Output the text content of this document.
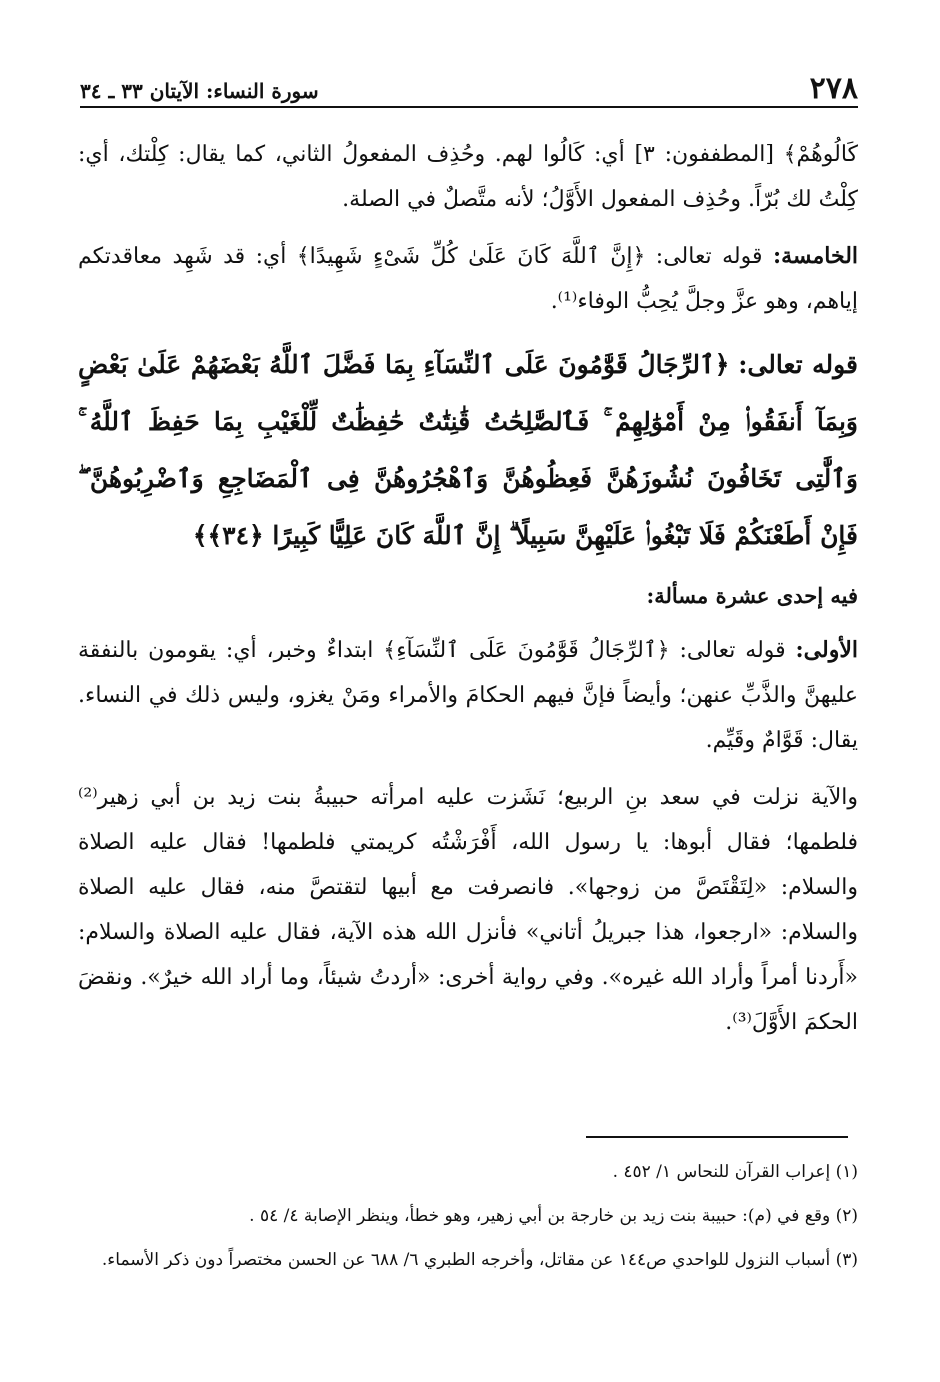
٢٧٨
سورة النساء: الآيتان ٣٣ ـ ٣٤

كَالُوهُمْ﴾ [المطففون: ٣] أي: كَالُوا لهم. وحُذِف المفعولُ الثاني، كما يقال: كِلْتك، أي: كِلْتُ لك بُرّاً. وحُذِف المفعول الأَوَّلُ؛ لأنه متَّصلٌ في الصلة.

الخامسة: قوله تعالى: ﴿إِنَّ ٱللَّهَ كَانَ عَلَىٰ كُلِّ شَىْءٍ شَهِيدًا﴾ أي: قد شَهِد معاقدتكم إياهم، وهو عزَّ وجلَّ يُحِبُّ الوفاء⁽¹⁾.

قوله تعالى: ﴿ٱلرِّجَالُ قَوَّٰمُونَ عَلَى ٱلنِّسَآءِ بِمَا فَضَّلَ ٱللَّهُ بَعْضَهُمْ عَلَىٰ بَعْضٍ وَبِمَآ أَنفَقُوا۟ مِنْ أَمْوَٰلِهِمْ ۚ فَٱلصَّٰلِحَٰتُ قَٰنِتَٰتٌ حَٰفِظَٰتٌ لِّلْغَيْبِ بِمَا حَفِظَ ٱللَّهُ ۚ وَٱلَّٰتِى تَخَافُونَ نُشُوزَهُنَّ فَعِظُوهُنَّ وَٱهْجُرُوهُنَّ فِى ٱلْمَضَاجِعِ وَٱضْرِبُوهُنَّ ۖ فَإِنْ أَطَعْنَكُمْ فَلَا تَبْغُوا۟ عَلَيْهِنَّ سَبِيلًا ۗ إِنَّ ٱللَّهَ كَانَ عَلِيًّا كَبِيرًا ﴿٣٤﴾﴾

فيه إحدى عشرة مسألة:

الأولى: قوله تعالى: ﴿ٱلرِّجَالُ قَوَّٰمُونَ عَلَى ٱلنِّسَآءِ﴾ ابتداءٌ وخبر، أي: يقومون بالنفقة عليهنَّ والذَّبِّ عنهن؛ وأيضاً فإنَّ فيهم الحكامَ والأمراء ومَنْ يغزو، وليس ذلك في النساء. يقال: قَوَّامٌ وقَيِّم.

والآية نزلت في سعد بنِ الربيع؛ نَشَزت عليه امرأته حبيبةُ بنت زيد بن أبي زهير⁽²⁾ فلطمها؛ فقال أبوها: يا رسول الله، أَفْرَشْتُه كريمتي فلطمها! فقال عليه الصلاة والسلام: «لِتَقْتَصَّ من زوجها». فانصرفت مع أبيها لتقتصَّ منه، فقال عليه الصلاة والسلام: «ارجعوا، هذا جبريلُ أتاني» فأنزل الله هذه الآية، فقال عليه الصلاة والسلام: «أَردنا أمراً وأراد الله غيره». وفي رواية أخرى: «أردتُ شيئاً، وما أراد الله خيرٌ». ونقضَ الحكمَ الأَوَّلَ⁽³⁾.

(١) إعراب القرآن للنحاس ١/ ٤٥٢ .

(٢) وقع في (م): حبيبة بنت زيد بن خارجة بن أبي زهير، وهو خطأ، وينظر الإصابة ٤/ ٥٤ .

(٣) أسباب النزول للواحدي ص١٤٤ عن مقاتل، وأخرجه الطبري ٦/ ٦٨٨ عن الحسن مختصراً دون ذكر الأسماء.
